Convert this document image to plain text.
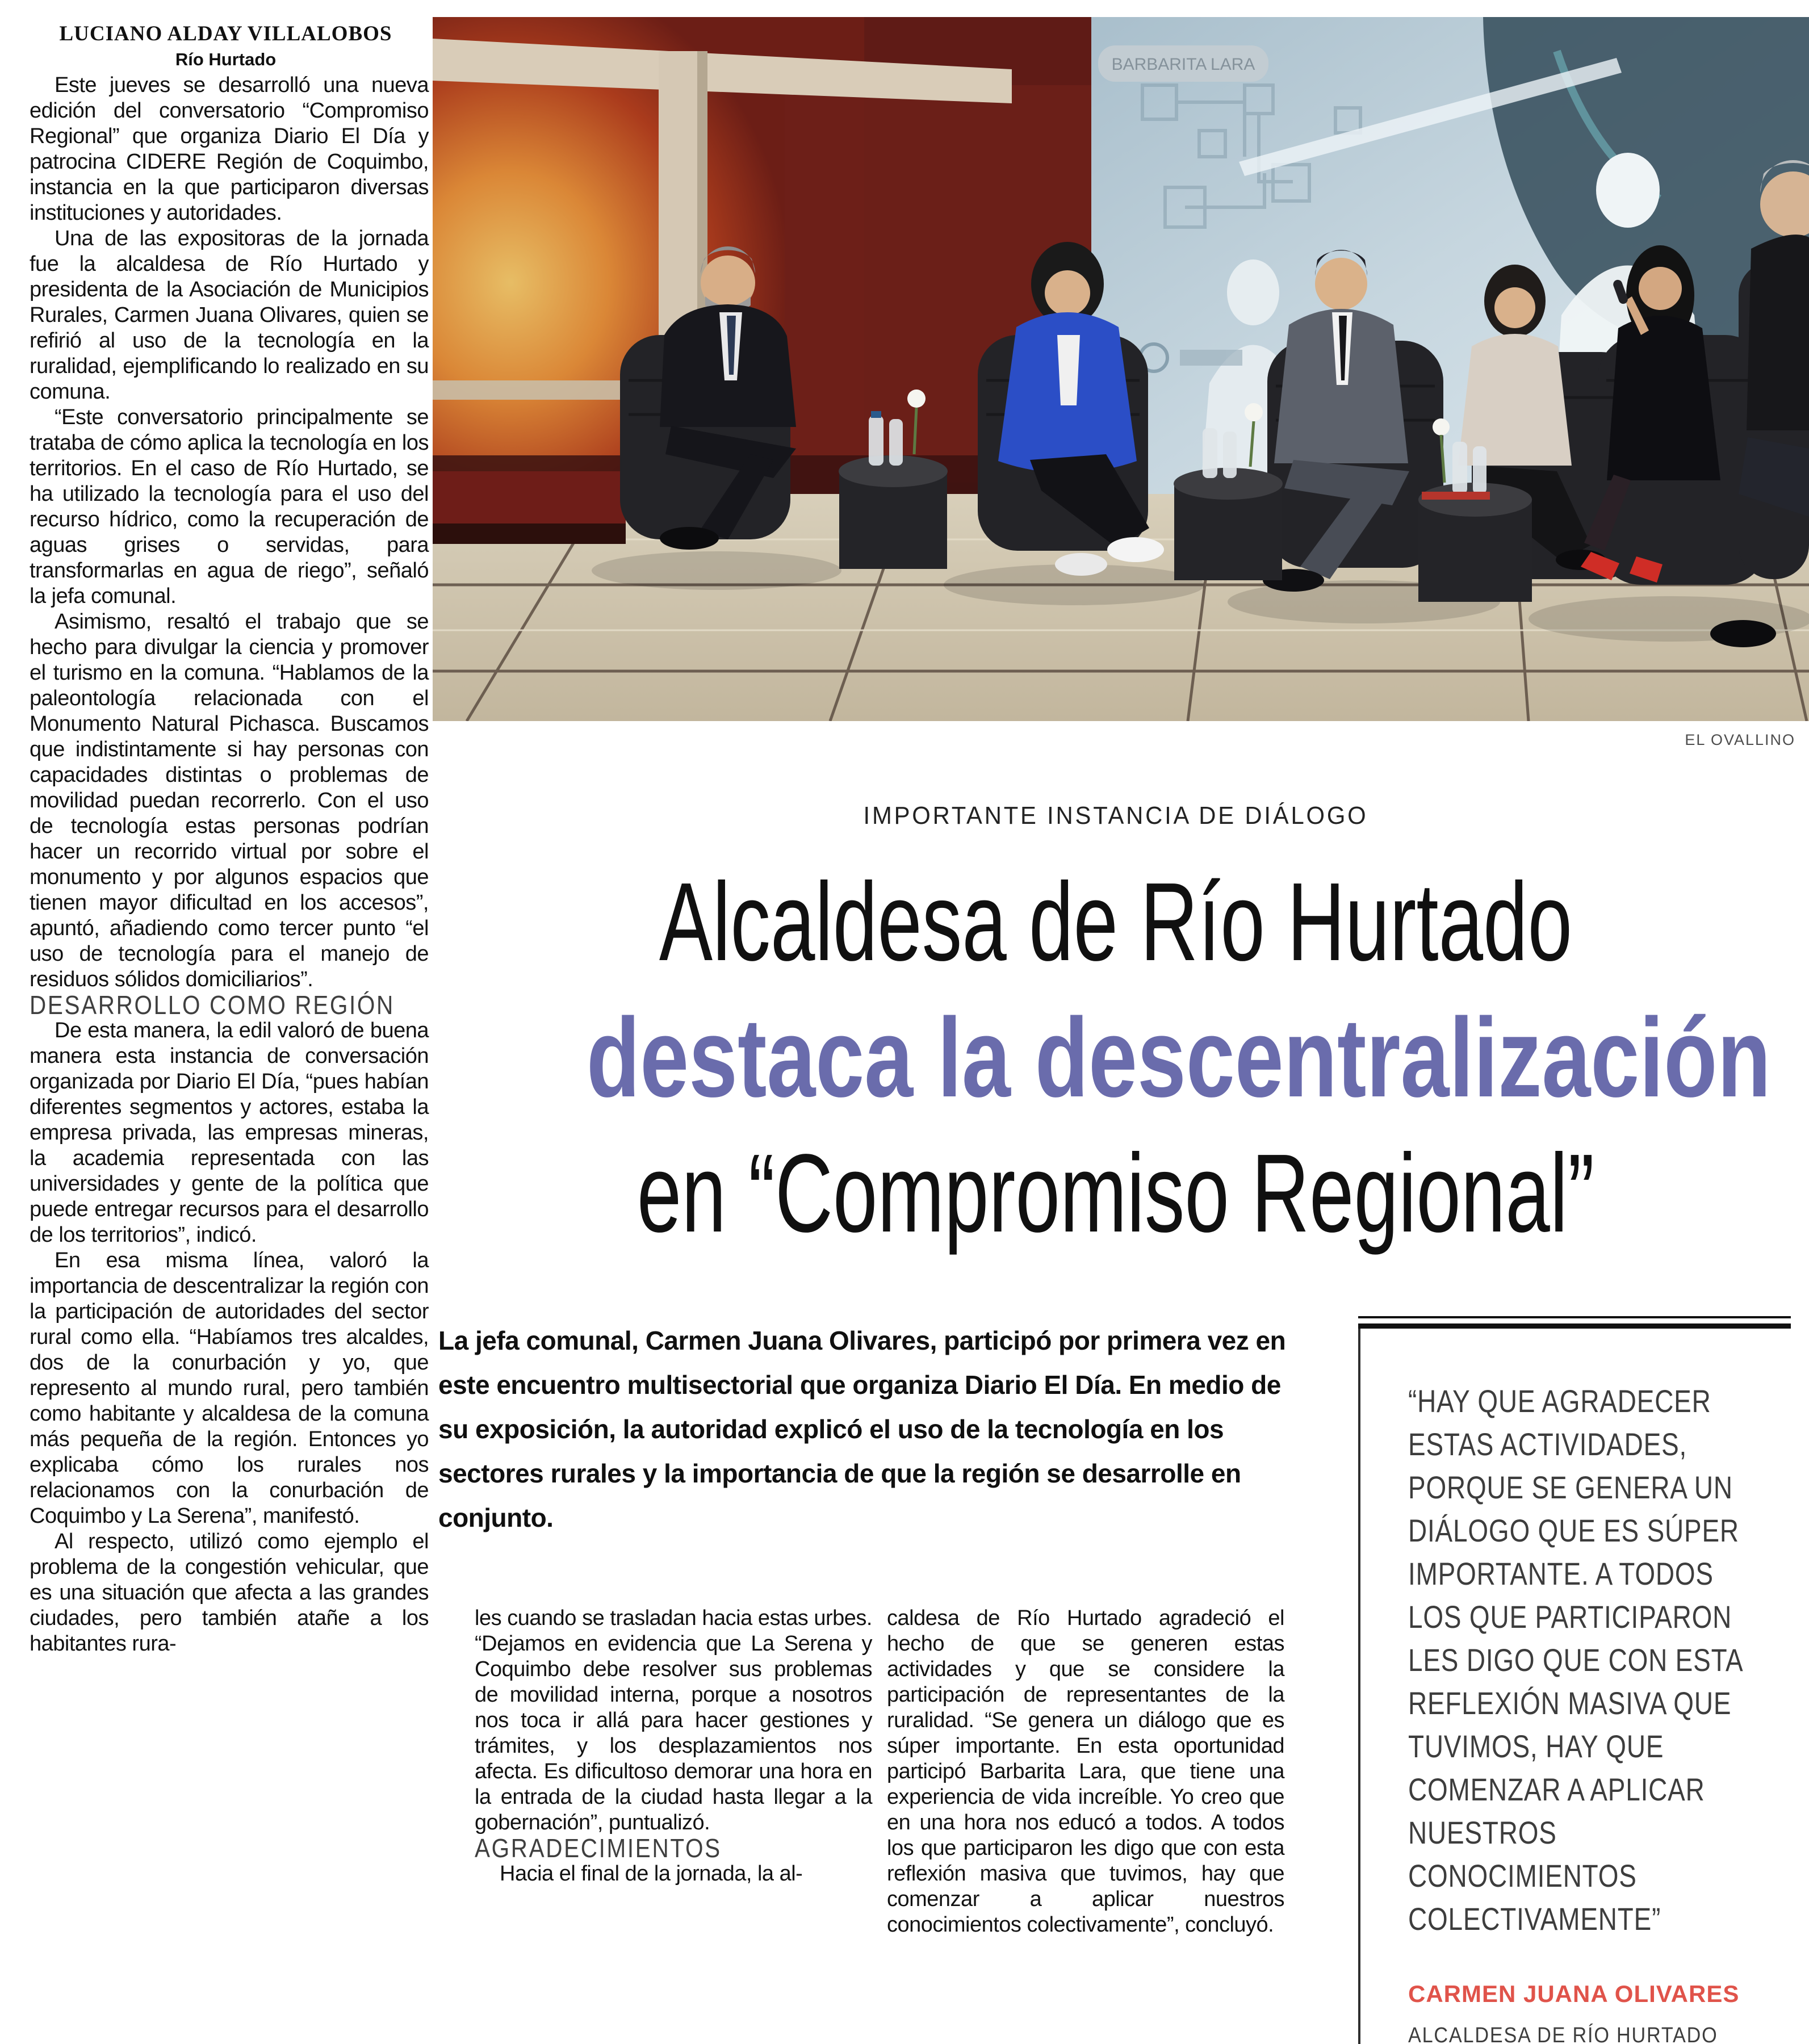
LUCIANO ALDAY VILLALOBOS
Río Hurtado

Este jueves se desarrolló una nueva edición del conversatorio “Compromiso Regional” que organiza Diario El Día y patrocina CIDERE Región de Coquimbo, instancia en la que participaron diversas instituciones y autoridades.

Una de las expositoras de la jornada fue la alcaldesa de Río Hurtado y presidenta de la Asociación de Municipios Rurales, Carmen Juana Olivares, quien se refirió al uso de la tecnología en la ruralidad, ejemplificando lo realizado en su comuna.

“Este conversatorio principalmente se trataba de cómo aplica la tecnología en los territorios. En el caso de Río Hurtado, se ha utilizado la tecnología para el uso del recurso hídrico, como la recuperación de aguas grises o servidas, para transformarlas en agua de riego”, señaló la jefa comunal.

Asimismo, resaltó el trabajo que se hecho para divulgar la ciencia y promover el turismo en la comuna. “Hablamos de la paleontología relacionada con el Monumento Natural Pichasca. Buscamos que indistintamente si hay personas con capacidades distintas o problemas de movilidad puedan recorrerlo. Con el uso de tecnología estas personas podrían hacer un recorrido virtual por sobre el monumento y por algunos espacios que tienen mayor dificultad en los accesos”, apuntó, añadiendo como tercer punto “el uso de tecnología para el manejo de residuos sólidos domiciliarios”.

DESARROLLO COMO REGIÓN

De esta manera, la edil valoró de buena manera esta instancia de conversación organizada por Diario El Día, “pues habían diferentes segmentos y actores, estaba la empresa privada, las empresas mineras, la academia representada con las universidades y gente de la política que puede entregar recursos para el desarrollo de los territorios”, indicó.

En esa misma línea, valoró la importancia de descentralizar la región con la participación de autoridades del sector rural como ella. “Habíamos tres alcaldes, dos de la conurbación y yo, que represento al mundo rural, pero también como habitante y alcaldesa de la comuna más pequeña de la región. Entonces yo explicaba cómo los rurales nos relacionamos con la conurbación de Coquimbo y La Serena”, manifestó.

Al respecto, utilizó como ejemplo el problema de la congestión vehicular, que es una situación que afecta a las grandes ciudades, pero también atañe a los habitantes rura-

BARBARITA LARA
EL OVALLINO
IMPORTANTE INSTANCIA DE DIÁLOGO
Alcaldesa de Río Hurtado
destaca la descentralización
en “Compromiso Regional”
La jefa comunal, Carmen Juana Olivares, participó por primera vez en este encuentro multisectorial que organiza Diario El Día. En medio de su exposición, la autoridad explicó el uso de la tecnología en los sectores rurales y la importancia de que la región se desarrolle en conjunto.

les cuando se trasladan hacia estas urbes. “Dejamos en evidencia que La Serena y Coquimbo debe resolver sus problemas de movilidad interna, porque a nosotros nos toca ir allá para hacer gestiones y trámites, y los desplazamientos nos afecta. Es dificultoso demorar una hora en la entrada de la ciudad hasta llegar a la gobernación”, puntualizó.

AGRADECIMIENTOS

Hacia el final de la jornada, la al-

caldesa de Río Hurtado agradeció el hecho de que se generen estas actividades y que se considere la participación de representantes de la ruralidad. “Se genera un diálogo que es súper importante. En esta oportunidad participó Barbarita Lara, que tiene una experiencia de vida increíble. Yo creo que en una hora nos educó a todos. A todos los que participaron les digo que con esta reflexión masiva que tuvimos, hay que comenzar a aplicar nuestros conocimientos colectivamente”, concluyó.

“HAY QUE AGRADECER ESTAS ACTIVIDADES, PORQUE SE GENERA UN DIÁLOGO QUE ES SÚPER IMPORTANTE. A TODOS LOS QUE PARTICIPARON LES DIGO QUE CON ESTA REFLEXIÓN MASIVA QUE TUVIMOS, HAY QUE COMENZAR A APLICAR NUESTROS CONOCIMIENTOS COLECTIVAMENTE”
CARMEN JUANA OLIVARES
ALCALDESA DE RÍO HURTADO
